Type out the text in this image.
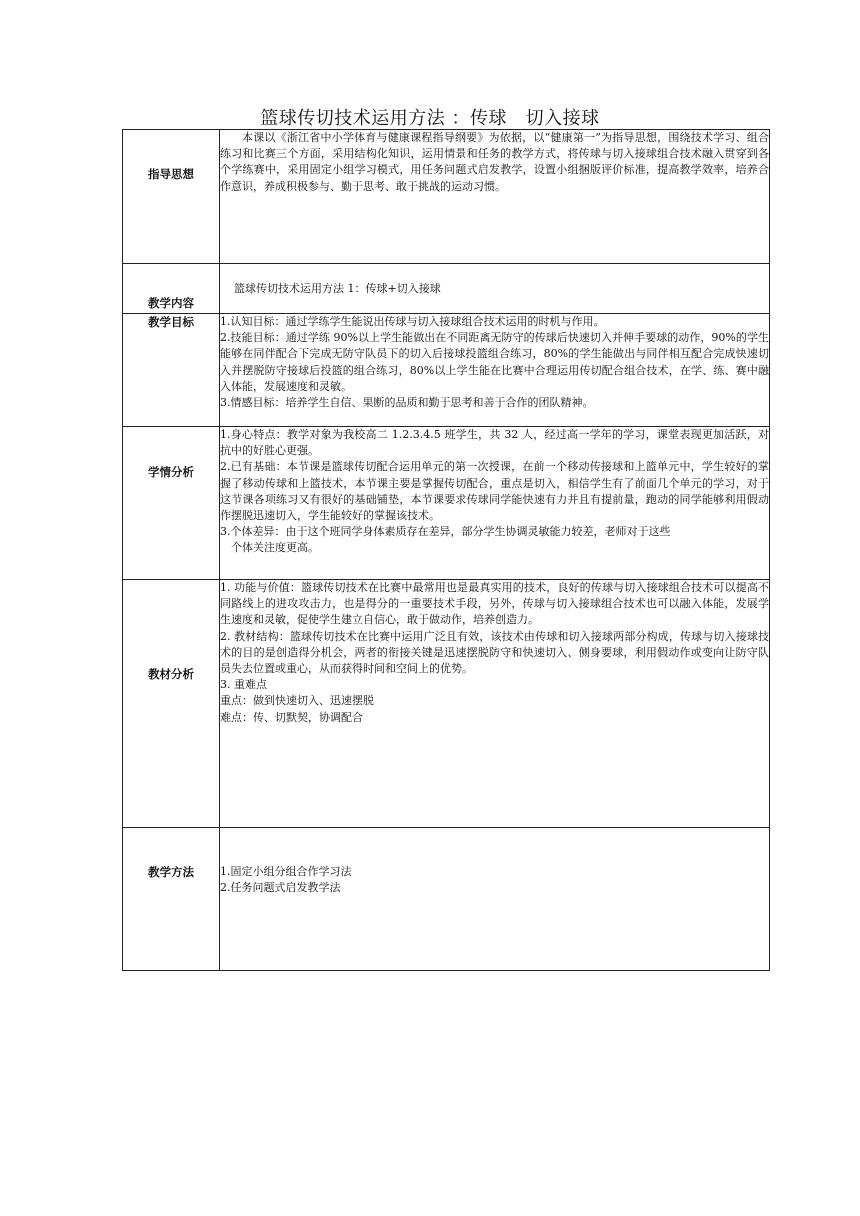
篮球传切技术运用方法 ：传球   切入接球
指导思想	本课以《浙江省中小学体育与健康课程指导纲要》为依据，以“健康第一”为指导思想，围绕技术学习、组合练习和比赛三个方面，采用结构化知识，运用情景和任务的教学方式，将传球与切入接球组合技术融入贯穿到各个学练赛中，采用固定小组学习模式，用任务问题式启发教学，设置小组捆版评价标准，提高教学效率，培养合作意识，养成积极参与、勤于思考、敢于挑战的运动习惯。

教学内容	篮球传切技术运用方法 1：传球+切入接球

教学目标	1.认知目标：通过学练学生能说出传球与切入接球组合技术运用的时机与作用。

2.技能目标：通过学练 90%以上学生能做出在不同距离无防守的传球后快速切入并伸手要球的动作，90%的学生能够在同伴配合下完成无防守队员下的切入后接球投篮组合练习，80%的学生能做出与同伴相互配合完成快速切入并摆脱防守接球后投篮的组合练习，80%以上学生能在比赛中合理运用传切配合组合技术，在学、练、赛中融入体能，发展速度和灵敏。

3.情感目标：培养学生自信、果断的品质和勤于思考和善于合作的团队精神。

学情分析	1.身心特点：教学对象为我校高二 1.2.3.4.5 班学生，共 32 人，经过高一学年的学习，课堂表现更加活跃，对抗中的好胜心更强。

2.已有基础：本节课是篮球传切配合运用单元的第一次授课，在前一个移动传接球和上篮单元中，学生较好的掌握了移动传球和上篮技术，本节课主要是掌握传切配合，重点是切入，相信学生有了前面几个单元的学习，对于这节课各项练习又有很好的基础铺垫，本节课要求传球同学能快速有力并且有提前量，跑动的同学能够利用假动作摆脱迅速切入，学生能较好的掌握该技术。

3.个体差异：由于这个班同学身体素质存在差异，部分学生协调灵敏能力较差，老师对于这些

个体关注度更高。

教材分析	1. 功能与价值：篮球传切技术在比赛中最常用也是最真实用的技术，良好的传球与切入接球组合技术可以提高不同路线上的进攻攻击力，也是得分的一重要技术手段，另外，传球与切入接球组合技术也可以融入体能，发展学生速度和灵敏，促使学生建立自信心，敢于做动作，培养创造力。

2. 教材结构：篮球传切技术在比赛中运用广泛且有效，该技术由传球和切入接球两部分构成，传球与切入接球技术的目的是创造得分机会，两者的衔接关键是迅速摆脱防守和快速切入、侧身要球，利用假动作或变向让防守队员失去位置或重心，从而获得时间和空间上的优势。

3. 重难点

重点：做到快速切入、迅速摆脱

难点：传、切默契，协调配合

教学方法	1.固定小组分组合作学习法

2.任务问题式启发教学法
